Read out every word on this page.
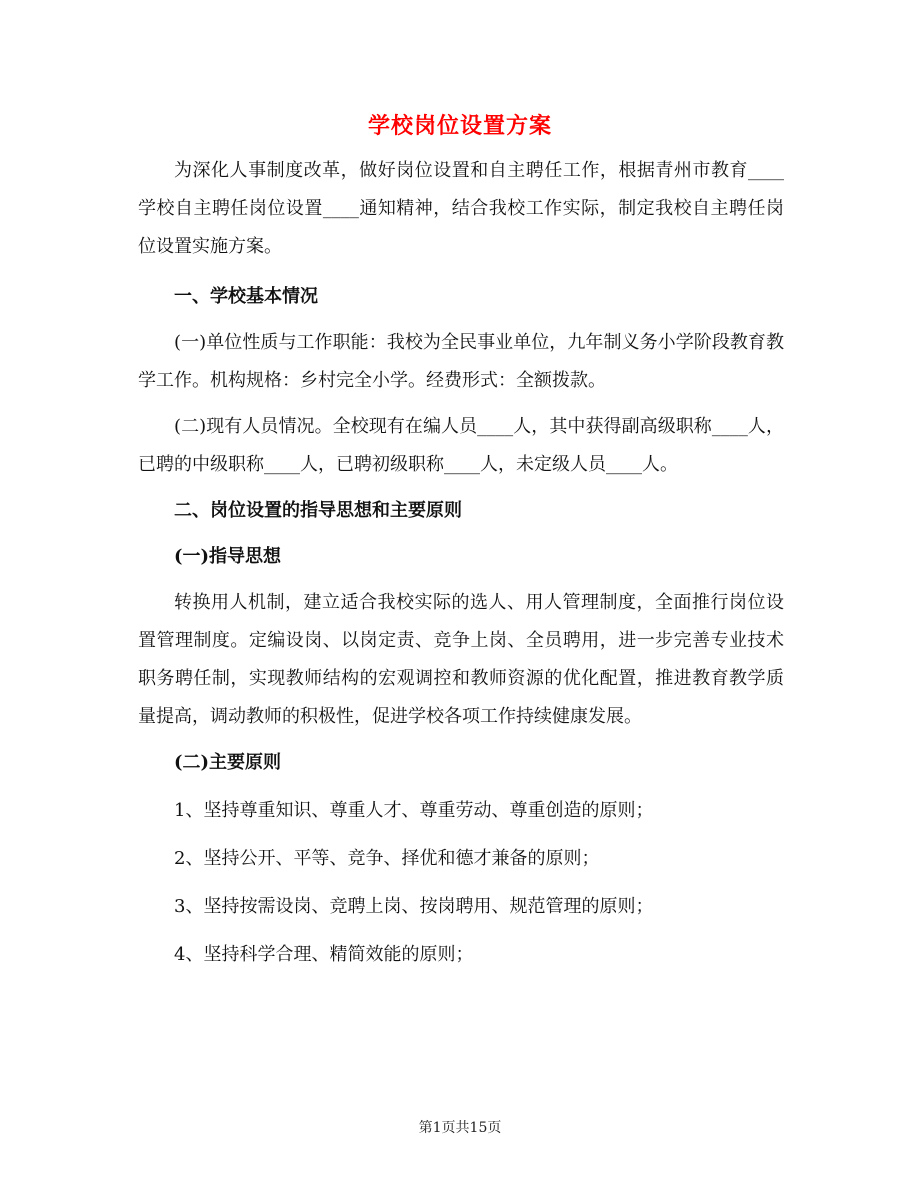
学校岗位设置方案

为深化人事制度改革，做好岗位设置和自主聘任工作，根据青州市教育____学校自主聘任岗位设置____通知精神，结合我校工作实际，制定我校自主聘任岗位设置实施方案。

一、学校基本情况

(一)单位性质与工作职能：我校为全民事业单位，九年制义务小学阶段教育教学工作。机构规格：乡村完全小学。经费形式：全额拨款。

(二)现有人员情况。全校现有在编人员____人，其中获得副高级职称____人，已聘的中级职称____人，已聘初级职称____人，未定级人员____人。

二、岗位设置的指导思想和主要原则

(一)指导思想

转换用人机制，建立适合我校实际的选人、用人管理制度，全面推行岗位设置管理制度。定编设岗、以岗定责、竞争上岗、全员聘用，进一步完善专业技术职务聘任制，实现教师结构的宏观调控和教师资源的优化配置，推进教育教学质量提高，调动教师的积极性，促进学校各项工作持续健康发展。

(二)主要原则

1、坚持尊重知识、尊重人才、尊重劳动、尊重创造的原则；

2、坚持公开、平等、竞争、择优和德才兼备的原则；

3、坚持按需设岗、竞聘上岗、按岗聘用、规范管理的原则；

4、坚持科学合理、精简效能的原则；

第1页共15页
